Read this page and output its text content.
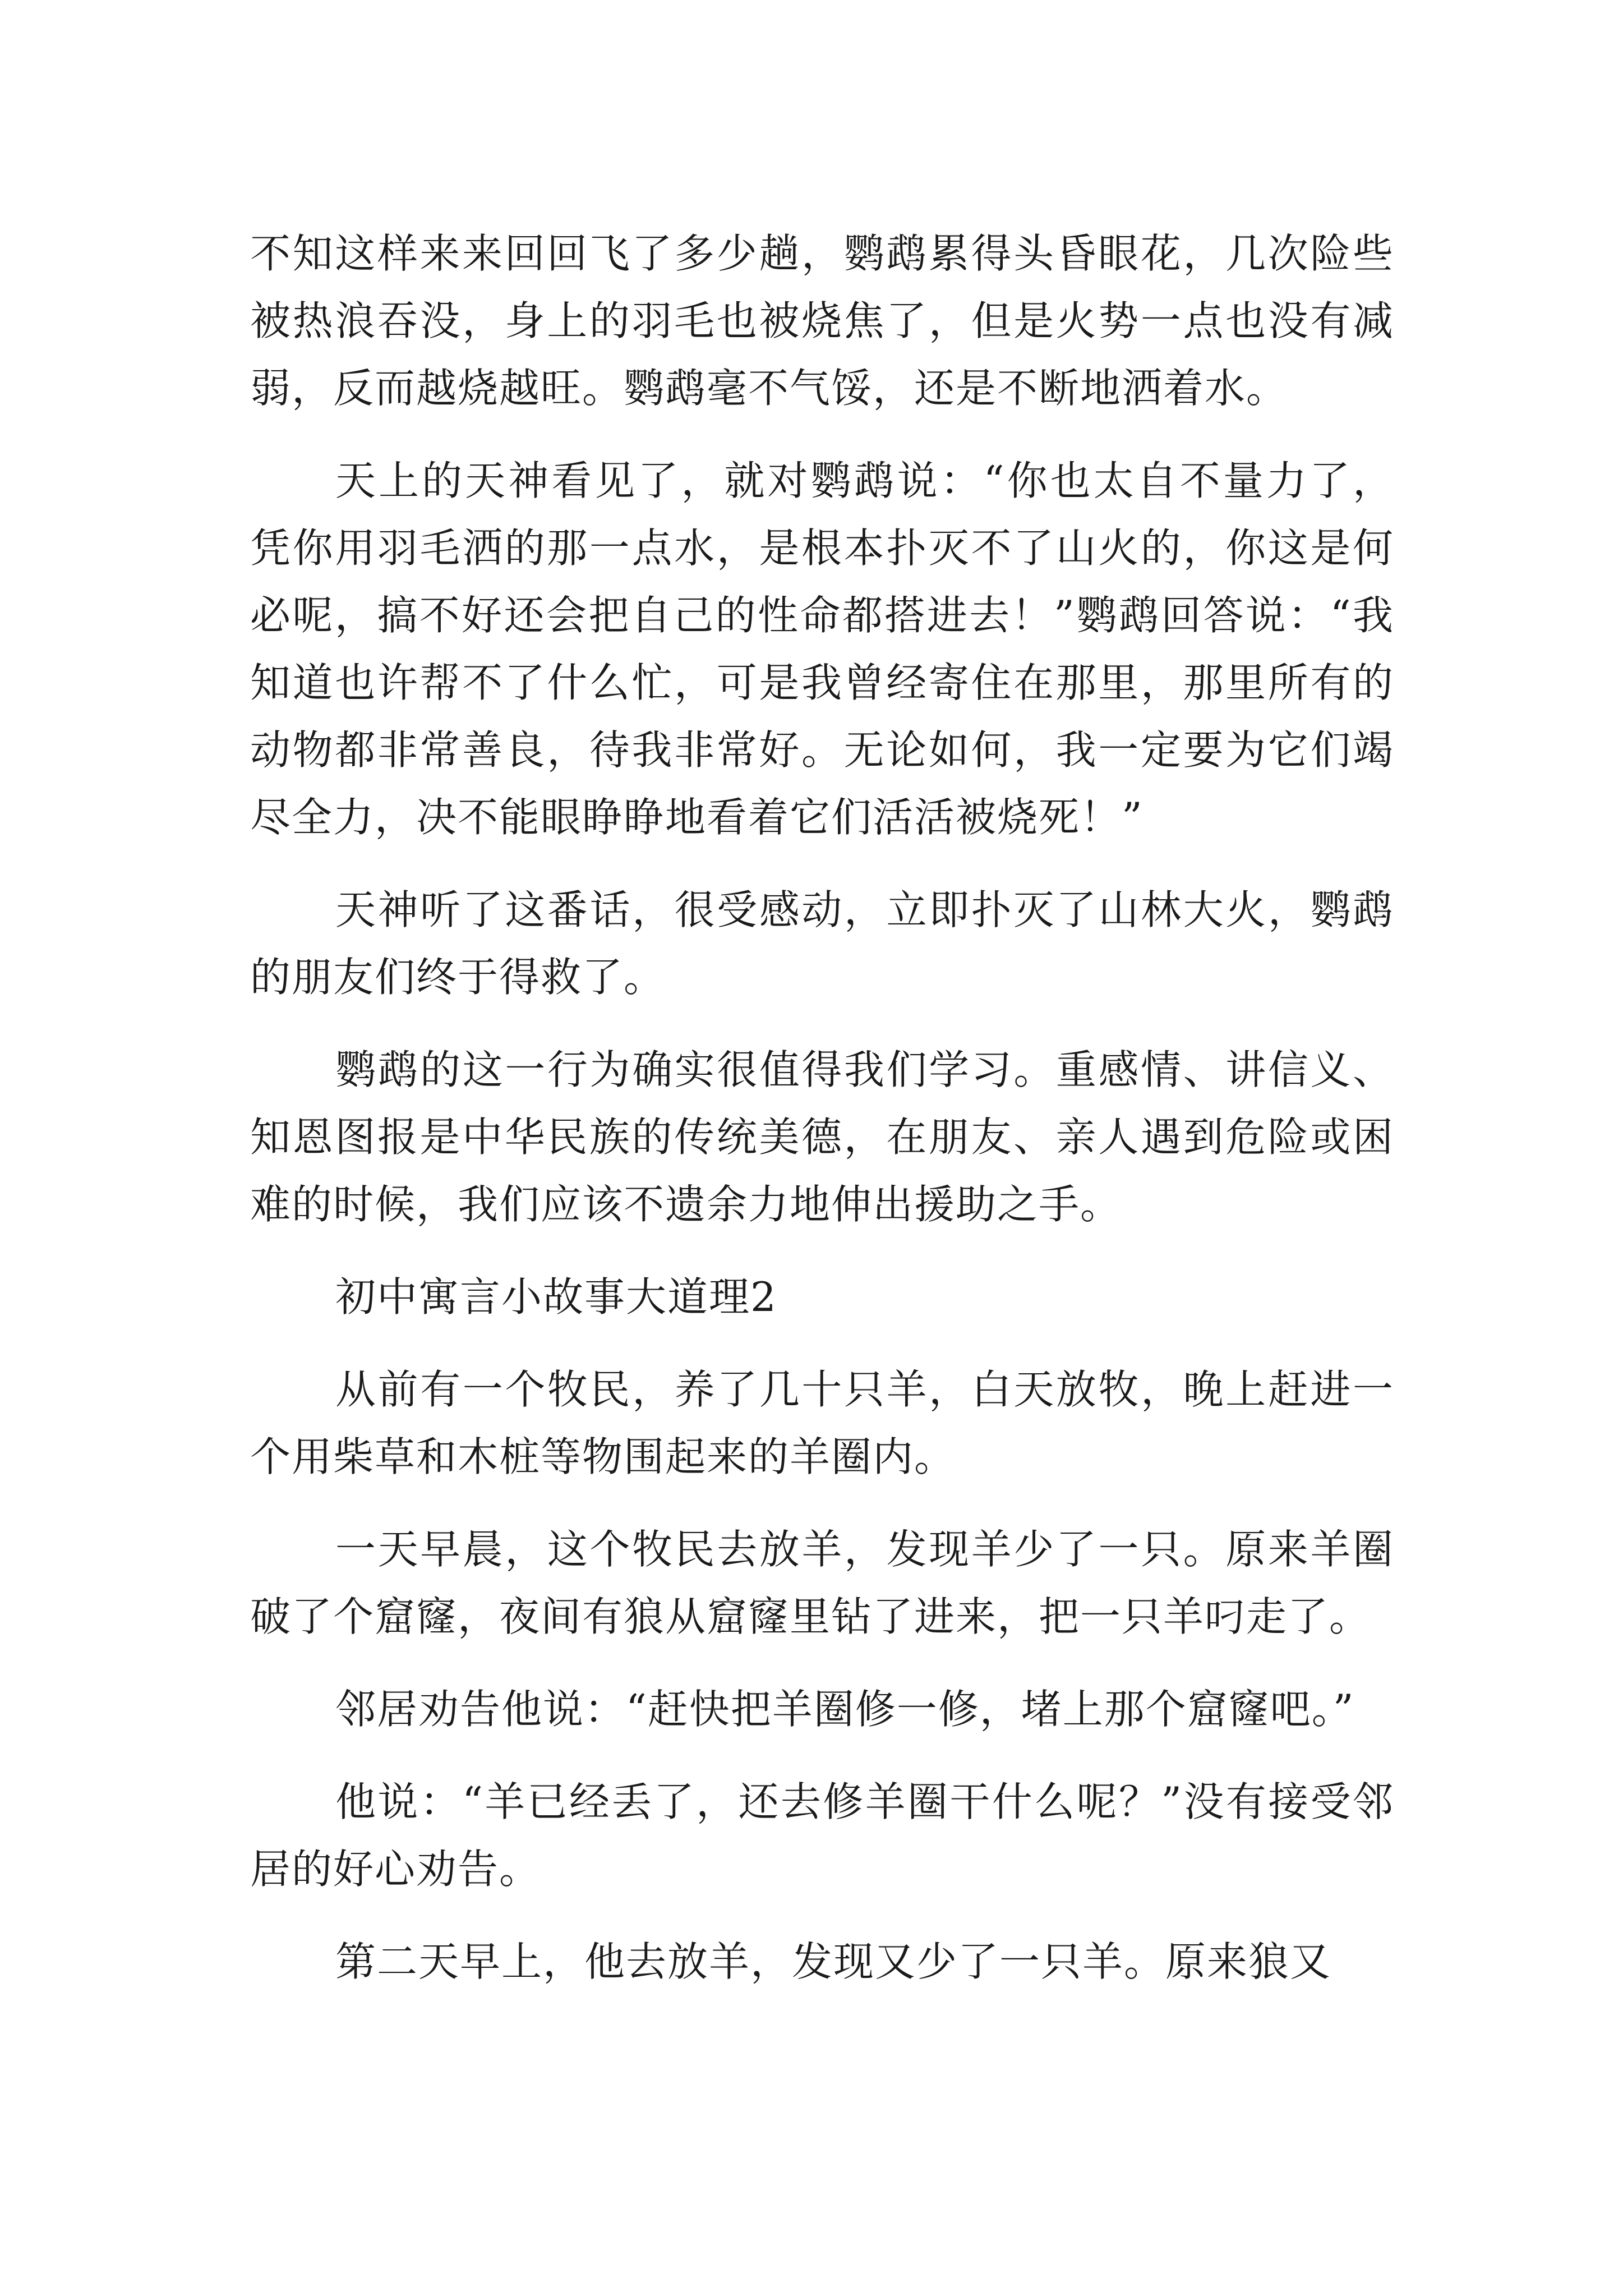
不知这样来来回回飞了多少趟，鹦鹉累得头昏眼花，几次险些被热浪吞没，身上的羽毛也被烧焦了，但是火势一点也没有减弱，反而越烧越旺。鹦鹉毫不气馁，还是不断地洒着水。

天上的天神看见了，就对鹦鹉说：“你也太自不量力了，凭你用羽毛洒的那一点水，是根本扑灭不了山火的，你这是何必呢，搞不好还会把自己的性命都搭进去！”鹦鹉回答说：“我知道也许帮不了什么忙，可是我曾经寄住在那里，那里所有的动物都非常善良，待我非常好。无论如何，我一定要为它们竭尽全力，决不能眼睁睁地看着它们活活被烧死！”

天神听了这番话，很受感动，立即扑灭了山林大火，鹦鹉的朋友们终于得救了。

鹦鹉的这一行为确实很值得我们学习。重感情、讲信义、知恩图报是中华民族的传统美德，在朋友、亲人遇到危险或困难的时候，我们应该不遗余力地伸出援助之手。

初中寓言小故事大道理2

从前有一个牧民，养了几十只羊，白天放牧，晚上赶进一个用柴草和木桩等物围起来的羊圈内。

一天早晨，这个牧民去放羊，发现羊少了一只。原来羊圈破了个窟窿，夜间有狼从窟窿里钻了进来，把一只羊叼走了。

邻居劝告他说：“赶快把羊圈修一修，堵上那个窟窿吧。”

他说：“羊已经丢了，还去修羊圈干什么呢？”没有接受邻居的好心劝告。

第二天早上，他去放羊，发现又少了一只羊。原来狼又
